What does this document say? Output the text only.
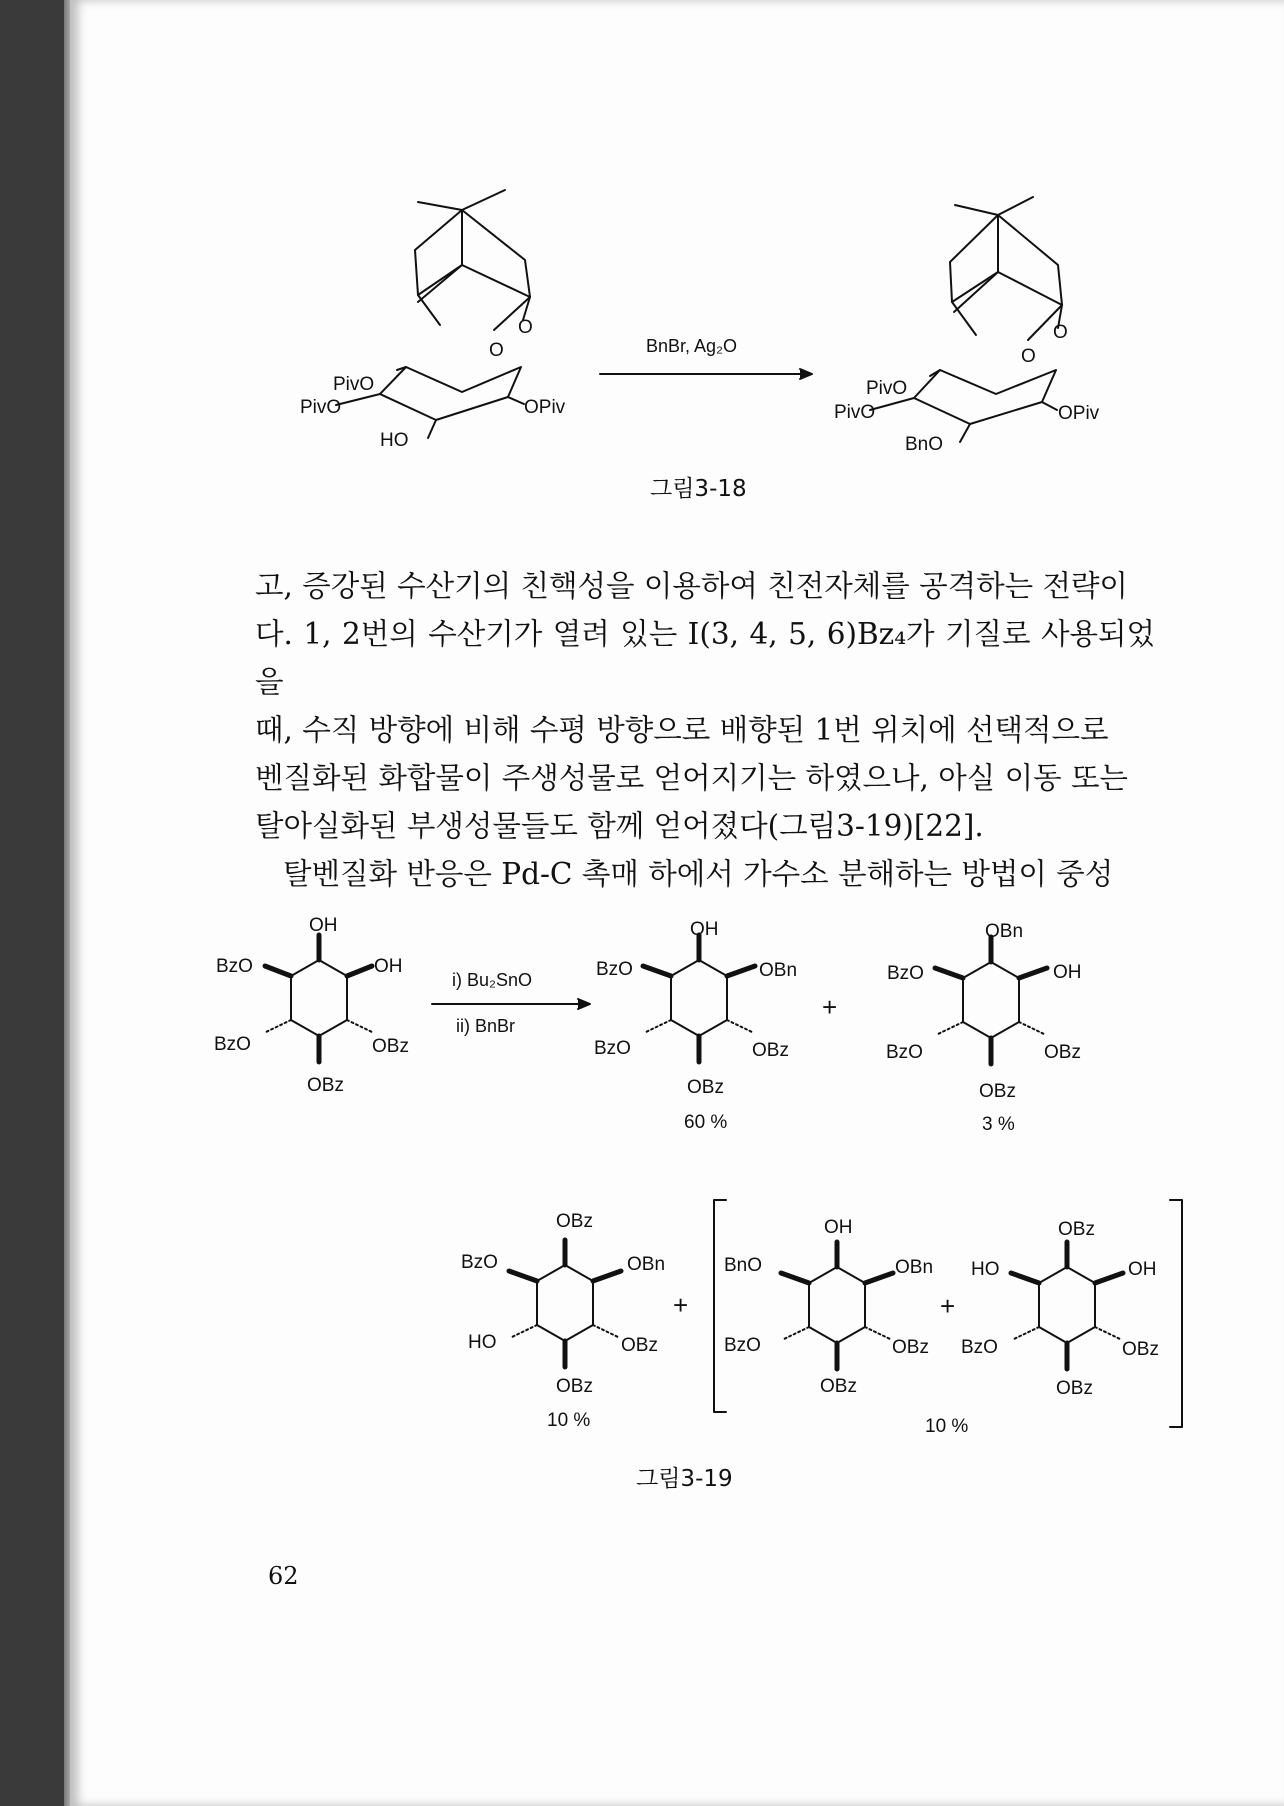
PivO
PivO
HO
OPiv
O
O
BnBr, Ag₂O
PivO
PivO
BnO
OPiv
O
O
OH
BzO	OH
BzO	OBz
OBz
i) Bu₂SnO
ii) BnBr
OH
BzO	OBn
BzO	OBz
OBz
+
OBn
BzO	OH
BzO	OBz
OBz
OBz
BzO	OBn
HO	OBz
OBz
+
OH
BnO	OBn
BzO	OBz
OBz
+
OBz
HO	OH
BzO	OBz
OBz
그림3-18

고, 증강된 수산기의 친핵성을 이용하여 친전자체를 공격하는 전략이

다. 1, 2번의 수산기가 열려 있는 I(3, 4, 5, 6)Bz₄가 기질로 사용되었을

때, 수직 방향에 비해 수평 방향으로 배향된 1번 위치에 선택적으로

벤질화된 화합물이 주생성물로 얻어지기는 하였으나, 아실 이동 또는

탈아실화된 부생성물들도 함께 얻어졌다(그림3-19)[22].

탈벤질화 반응은 Pd-C 촉매 하에서 가수소 분해하는 방법이 중성

60 %	3 %
10 %	10 %
그림3-19
62
